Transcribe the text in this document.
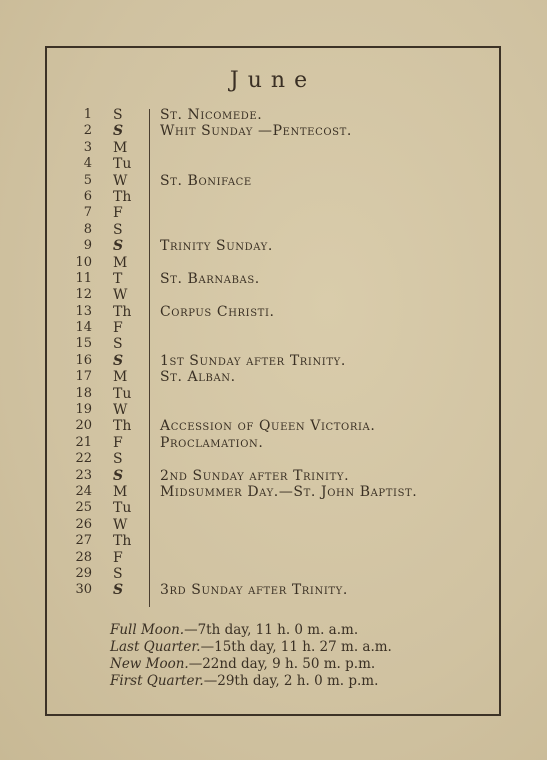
June
1 S	St. Nicomede.
2 S	Whit Sunday —Pentecost.
3 M
4 Tu
5 W St. Boniface
6 Th
7 F
8 S
9 S	Trinity Sunday.
10 M
11 T	St. Barnabas.
12 W
13 Th Corpus Christi.
14 F
15 S
16 S	1st Sunday after Trinity.
17 M St. Alban.
18 Tu
19 W
20 Th Accession of Queen Victoria.
21 F	Proclamation.
22 S
23 S	2nd Sunday after Trinity.
24 M Midsummer Day.—St. John Baptist.
25 Tu
26 W
27 Th
28 F
29 S
30 S	3rd Sunday after Trinity.
Full Moon.—7th day, 11 h. 0 m. a.m.
Last Quarter.—15th day, 11 h. 27 m. a.m.
New Moon.—22nd day, 9 h. 50 m. p.m.
First Quarter.—29th day, 2 h. 0 m. p.m.
